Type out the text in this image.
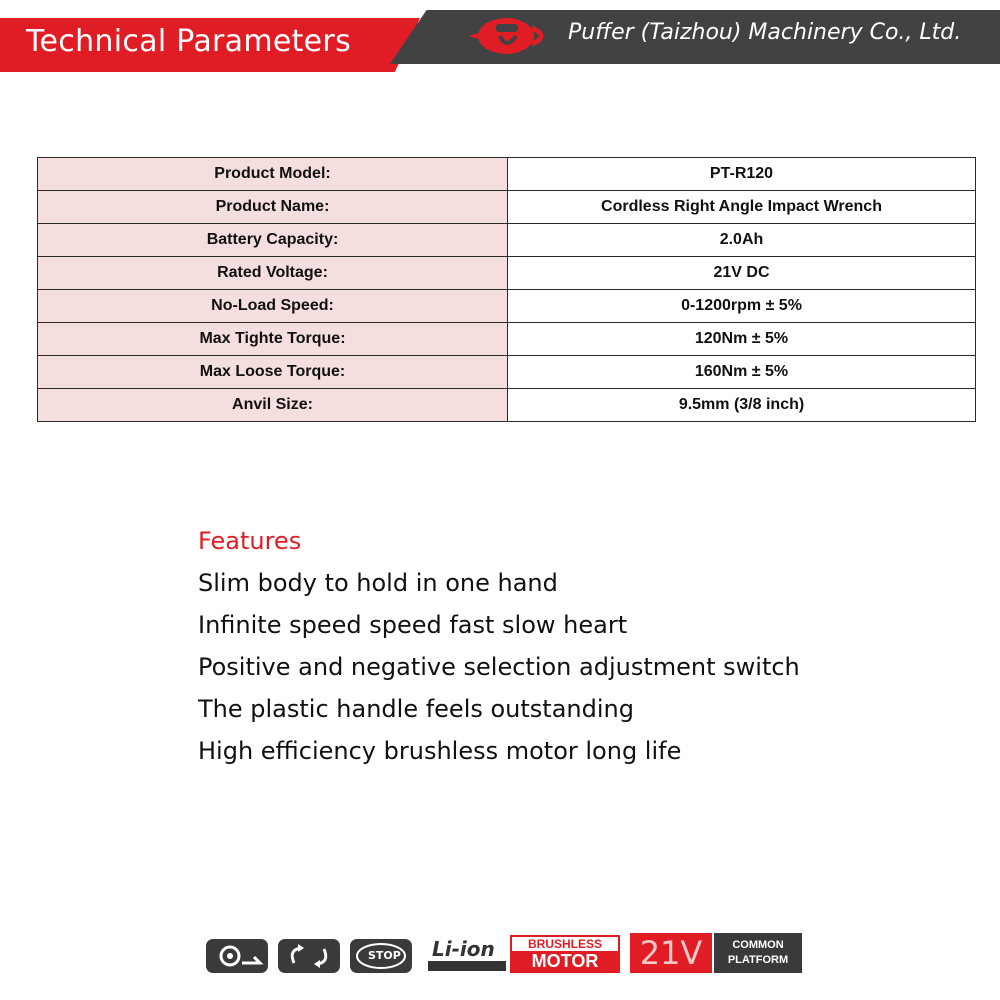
Technical Parameters	Puffer (Taizhou) Machinery Co., Ltd.
Product Model:	PT-R120
Product Name:	Cordless Right Angle Impact Wrench
Battery Capacity:	2.0Ah
Rated Voltage:	21V DC
No-Load Speed:	0-1200rpm ± 5%
Max Tighte Torque:	120Nm ± 5%
Max Loose Torque:	160Nm ± 5%
Anvil Size:	9.5mm (3/8 inch)
Features
Slim body to hold in one hand
Infinite speed speed fast slow heart
Positive and negative selection adjustment switch
The plastic handle feels outstanding
High efficiency brushless motor long life
STOP Li-ion	BRUSHLESS
MOTOR	21V	COMMON
PLATFORM
